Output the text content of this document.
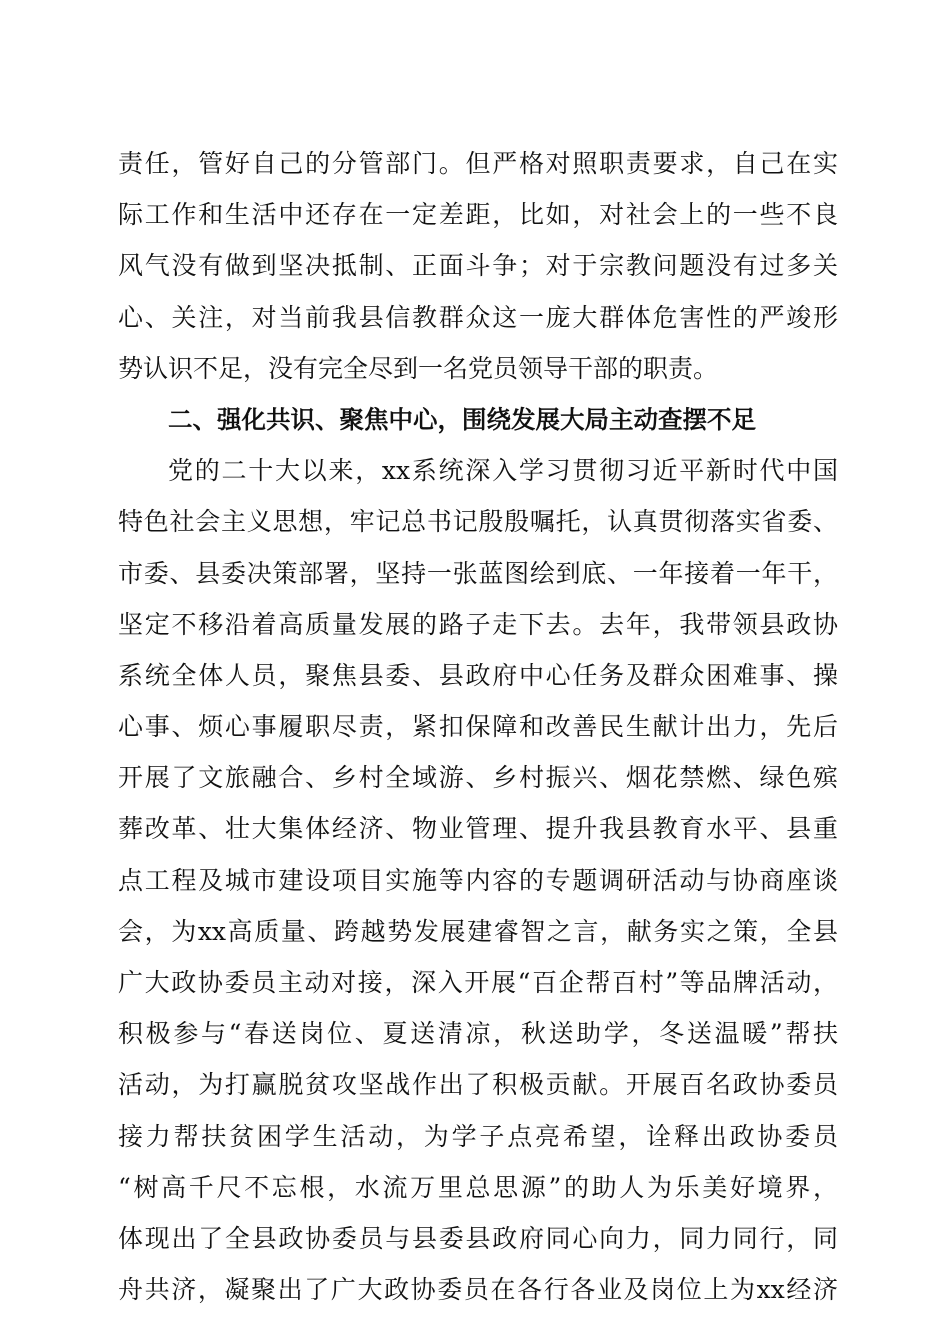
责任，管好自己的分管部门。但严格对照职责要求，自己在实
际工作和生活中还存在一定差距，比如，对社会上的一些不良
风气没有做到坚决抵制、正面斗争；对于宗教问题没有过多关
心、关注，对当前我县信教群众这一庞大群体危害性的严竣形
势认识不足，没有完全尽到一名党员领导干部的职责。
二、强化共识、聚焦中心，围绕发展大局主动查摆不足
党的二十大以来，xx系统深入学习贯彻习近平新时代中国
特色社会主义思想，牢记总书记殷殷嘱托，认真贯彻落实省委、
市委、县委决策部署，坚持一张蓝图绘到底、一年接着一年干，
坚定不移沿着高质量发展的路子走下去。去年，我带领县政协
系统全体人员，聚焦县委、县政府中心任务及群众困难事、操
心事、烦心事履职尽责，紧扣保障和改善民生献计出力，先后
开展了文旅融合、乡村全域游、乡村振兴、烟花禁燃、绿色殡
葬改革、壮大集体经济、物业管理、提升我县教育水平、县重
点工程及城市建设项目实施等内容的专题调研活动与协商座谈
会，为xx高质量、跨越势发展建睿智之言，献务实之策，全县
广大政协委员主动对接，深入开展“百企帮百村”等品牌活动，
积极参与“春送岗位、夏送清凉，秋送助学，冬送温暖”帮扶
活动，为打赢脱贫攻坚战作出了积极贡献。开展百名政协委员
接力帮扶贫困学生活动，为学子点亮希望，诠释出政协委员
“树高千尺不忘根，水流万里总思源”的助人为乐美好境界，
体现出了全县政协委员与县委县政府同心向力，同力同行，同
舟共济，凝聚出了广大政协委员在各行各业及岗位上为xx经济
